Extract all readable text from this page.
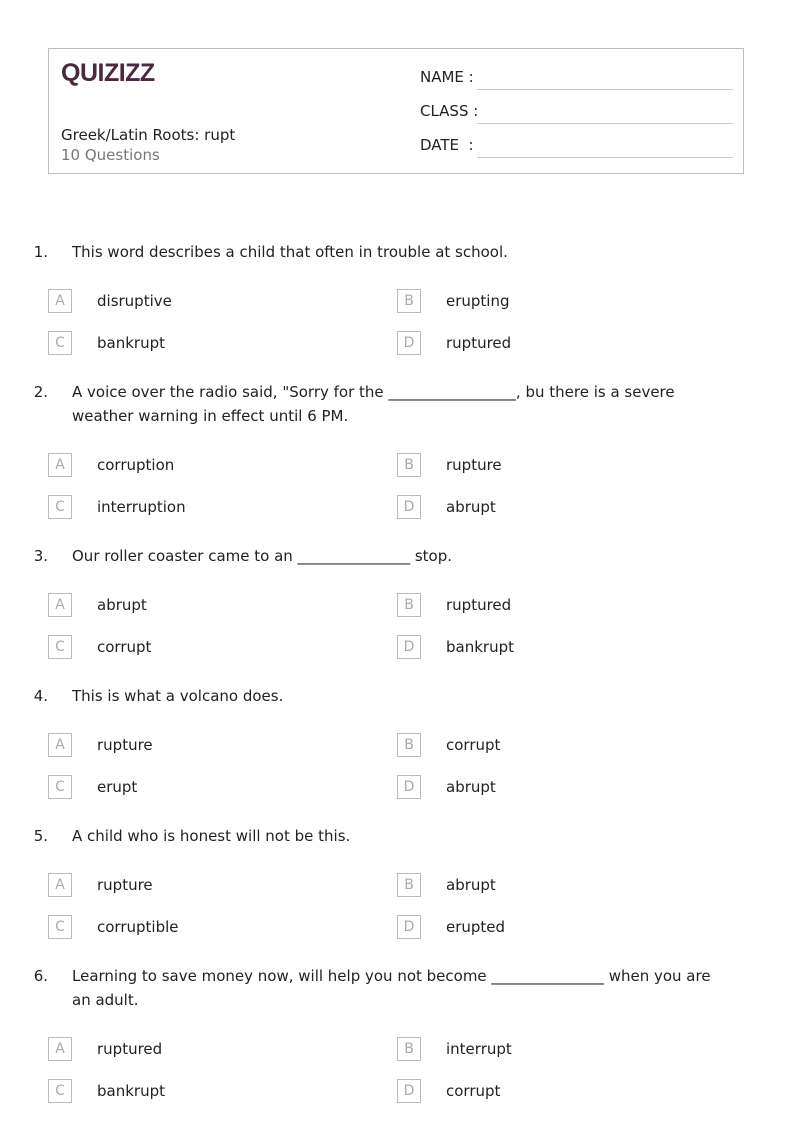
QUIZIZZ
Greek/Latin Roots: rupt
10 Questions
NAME :
CLASS :
DATE  :
1.	This word describes a child that often in trouble at school.
A	disruptive	B	erupting
C	bankrupt	D	ruptured
2.	A voice over the radio said, "Sorry for the _________________, bu there is a severe weather warning in effect until 6 PM.
A	corruption	B	rupture
C	interruption	D	abrupt
3.	Our roller coaster came to an _______________ stop.
A	abrupt	B	ruptured
C	corrupt	D	bankrupt
4.	This is what a volcano does.
A	rupture	B	corrupt
C	erupt	D	abrupt
5.	A child who is honest will not be this.
A	rupture	B	abrupt
C	corruptible	D	erupted
6.	Learning to save money now, will help you not become _______________ when you are an adult.
A	ruptured	B	interrupt
C	bankrupt	D	corrupt
